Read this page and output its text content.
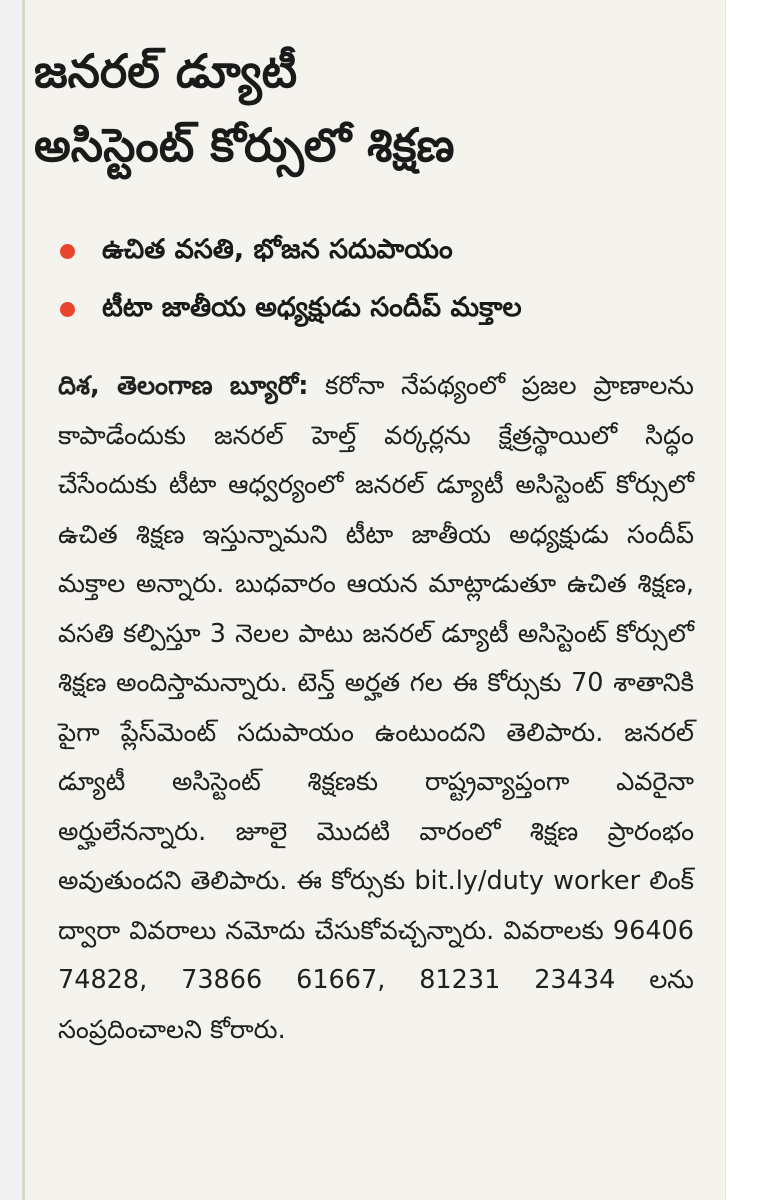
జనరల్ డ్యూటీ
అసిస్టెంట్ కోర్సులో శిక్షణ
ఉచిత వసతి, భోజన సదుపాయం
టీటా జాతీయ అధ్యక్షుడు సందీప్ మక్తాల

దిశ, తెలంగాణ బ్యూరో: కరోనా నేపథ్యంలో ప్రజల ప్రాణాలను కాపాడేందుకు జనరల్ హెల్త్ వర్కర్లను క్షేత్రస్థాయిలో సిద్ధం చేసేందుకు టీటా ఆధ్వర్యంలో జనరల్ డ్యూటీ అసిస్టెంట్ కోర్సులో ఉచిత శిక్షణ ఇస్తున్నామని టీటా జాతీయ అధ్యక్షుడు సందీప్ మక్తాల అన్నారు. బుధవారం ఆయన మాట్లాడుతూ ఉచిత శిక్షణ, వసతి కల్పిస్తూ 3 నెలల పాటు జనరల్ డ్యూటీ అసిస్టెంట్ కోర్సులో శిక్షణ అందిస్తామన్నారు. టెన్త్ అర్హత గల ఈ కోర్సుకు 70 శాతానికి పైగా ప్లేస్‌మెంట్ సదుపాయం ఉంటుందని తెలిపారు. జనరల్ డ్యూటీ అసిస్టెంట్ శిక్షణకు రాష్ట్రవ్యాప్తంగా ఎవరైనా అర్హులేనన్నారు. జూలై మొదటి వారంలో శిక్షణ ప్రారంభం అవుతుందని తెలిపారు. ఈ కోర్సుకు bit.ly/duty worker లింక్ ద్వారా వివరాలు నమోదు చేసుకోవచ్చన్నారు. వివరాలకు 96406 74828, 73866 61667, 81231 23434 లను సంప్రదించాలని కోరారు.
